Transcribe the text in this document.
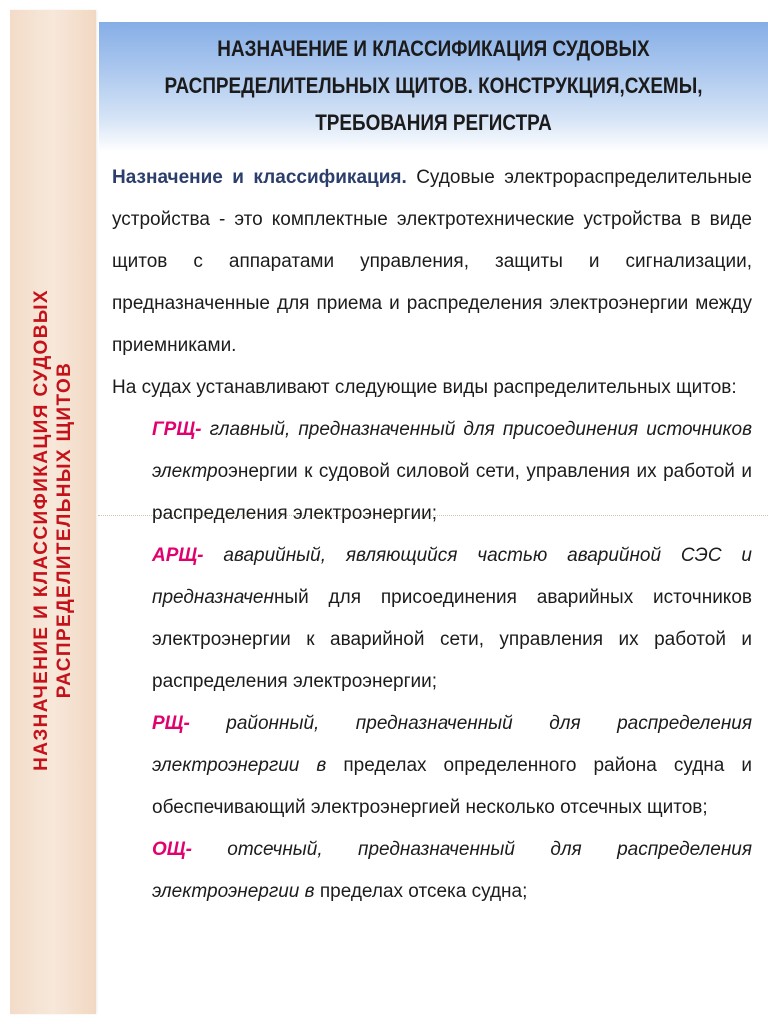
НАЗНАЧЕНИЕ И КЛАССИФИКАЦИЯ СУДОВЫХ
РАСПРЕДЕЛИТЕЛЬНЫХ ЩИТОВ
НАЗНАЧЕНИЕ И КЛАССИФИКАЦИЯ СУДОВЫХ
РАСПРЕДЕЛИТЕЛЬНЫХ ЩИТОВ. КОНСТРУКЦИЯ,СХЕМЫ,
ТРЕБОВАНИЯ РЕГИСТРА

Назначение и классификация. Судовые электрораспределительные устройства - это комплектные электротехнические устройства в виде щитов с аппаратами управления, защиты и сигнализации, предназначенные для приема и распределения электроэнергии между приемниками.

На судах устанавливают следующие виды распределительных щитов:

ГРЩ- главный, предназначенный для присоединения источников электроэнергии к судовой силовой сети, управления их работой и распределения электроэнергии;

АРЩ- аварийный, являющийся частью аварийной СЭС и предназначенный для присоединения аварийных источников электроэнергии к аварийной сети, управления их работой и распределения электроэнергии;

РЩ- районный, предназначенный для распределения электроэнергии в пределах определенного района судна и обеспечивающий электроэнергией несколько отсечных щитов;

ОЩ- отсечный, предназначенный для распределения электроэнергии в пределах отсека судна;
